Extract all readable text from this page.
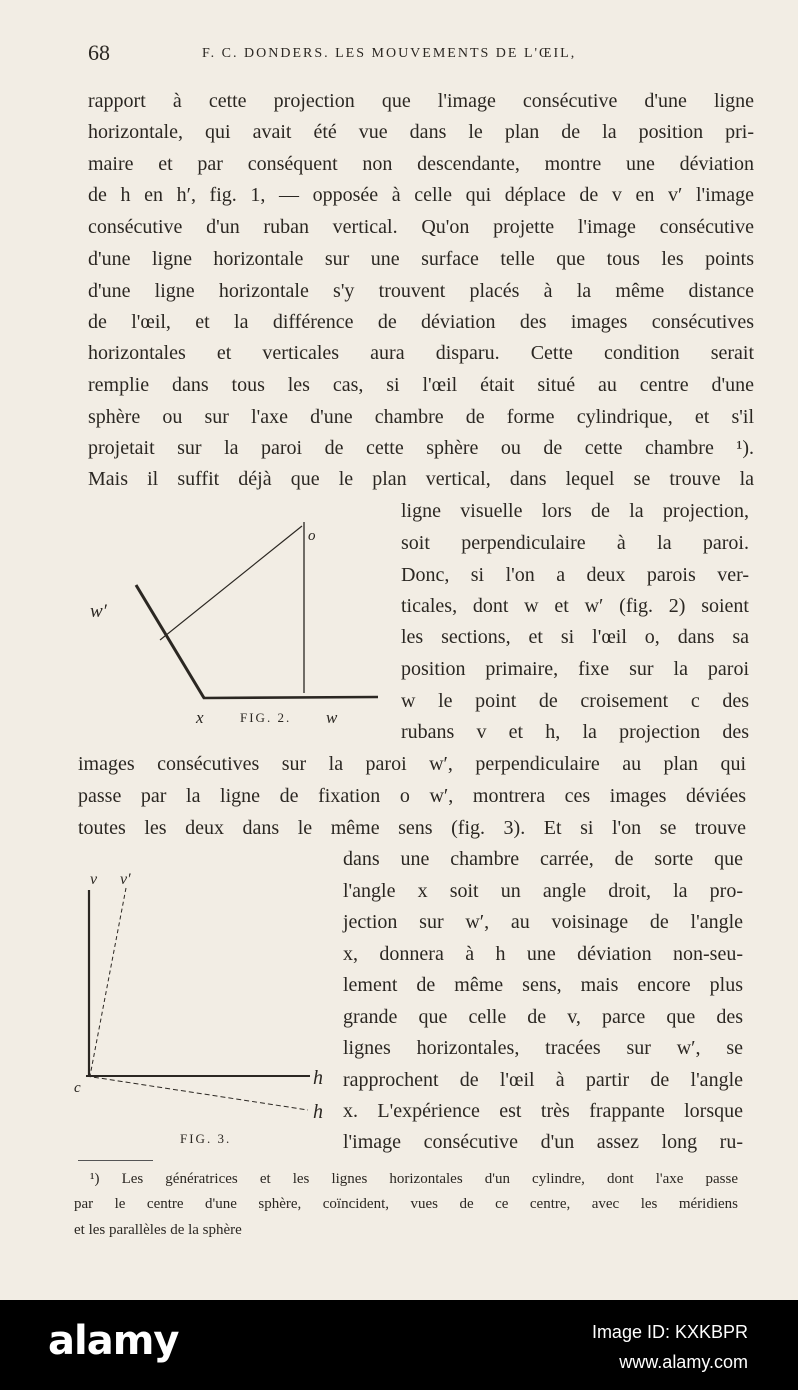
68	F. C. DONDERS. LES MOUVEMENTS DE L'ŒIL,
rapport à cette projection que l'image consécutive d'une ligne
horizontale, qui avait été vue dans le plan de la position pri-
maire et par conséquent non descendante, montre une déviation
de h en h′, fig. 1, — opposée à celle qui déplace de v en v′ l'image
consécutive d'un ruban vertical. Qu'on projette l'image consécutive
d'une ligne horizontale sur une surface telle que tous les points
d'une ligne horizontale s'y trouvent placés à la même distance
de l'œil, et la différence de déviation des images consécutives
horizontales et verticales aura disparu. Cette condition serait
remplie dans tous les cas, si l'œil était situé au centre d'une
sphère ou sur l'axe d'une chambre de forme cylindrique, et s'il
projetait sur la paroi de cette sphère ou de cette chambre ¹).
Mais il suffit déjà que le plan vertical, dans lequel se trouve la
ligne visuelle lors de la projection,
soit perpendiculaire à la paroi.
Donc, si l'on a deux parois ver-
ticales, dont w et w′ (fig. 2) soient
les sections, et si l'œil o, dans sa
position primaire, fixe sur la paroi
w le point de croisement c des
rubans v et h, la projection des
images consécutives sur la paroi w′, perpendiculaire au plan qui
passe par la ligne de fixation o w′, montrera ces images déviées
toutes les deux dans le même sens (fig. 3). Et si l'on se trouve
dans une chambre carrée, de sorte que
l'angle x soit un angle droit, la pro-
jection sur w′, au voisinage de l'angle
x, donnera à h une déviation non-seu-
lement de même sens, mais encore plus
grande que celle de v, parce que des
lignes horizontales, tracées sur w′, se
rapprochent de l'œil à partir de l'angle
x. L'expérience est très frappante lorsque
l'image consécutive d'un assez long ru-
o
w′
x	w
FIG. 2.
v v′
c	h
h
FIG. 3.
¹) Les génératrices et les lignes horizontales d'un cylindre, dont l'axe passe
par le centre d'une sphère, coïncident, vues de ce centre, avec les méridiens
et les parallèles de la sphère
alamy	Image ID: KXKBPR
www.alamy.com
